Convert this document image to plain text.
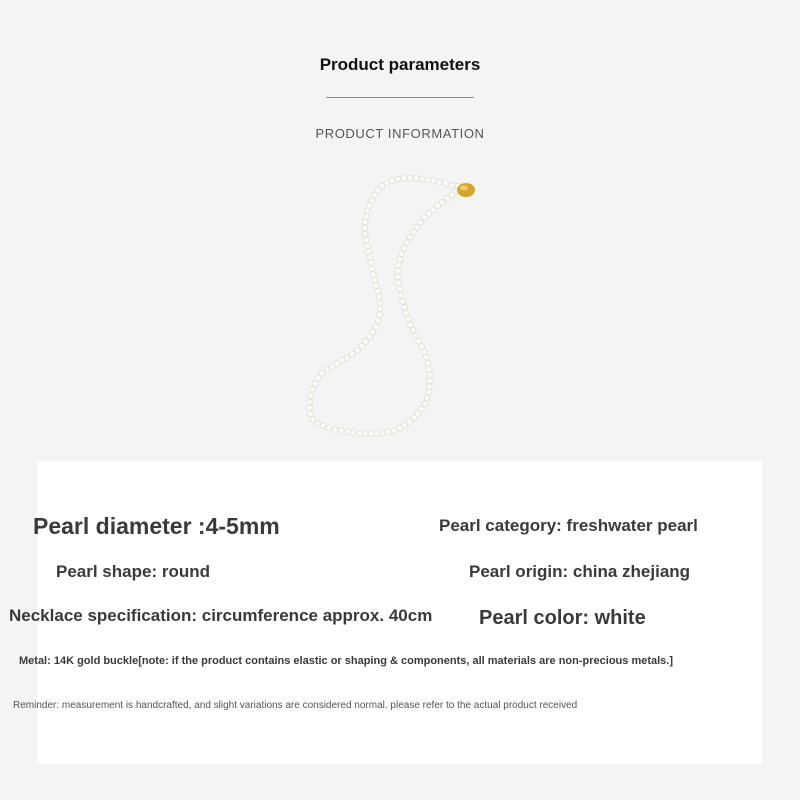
Product parameters
PRODUCT INFORMATION
Pearl diameter :4-5mm	Pearl category: freshwater pearl
Pearl shape: round	Pearl origin: china zhejiang
Necklace specification: circumference approx. 40cm Pearl color: white
Metal: 14K gold buckle[note: if the product contains elastic or shaping & components, all materials are non-precious metals.]
Reminder: measurement is handcrafted, and slight variations are considered normal. please refer to the actual product received
